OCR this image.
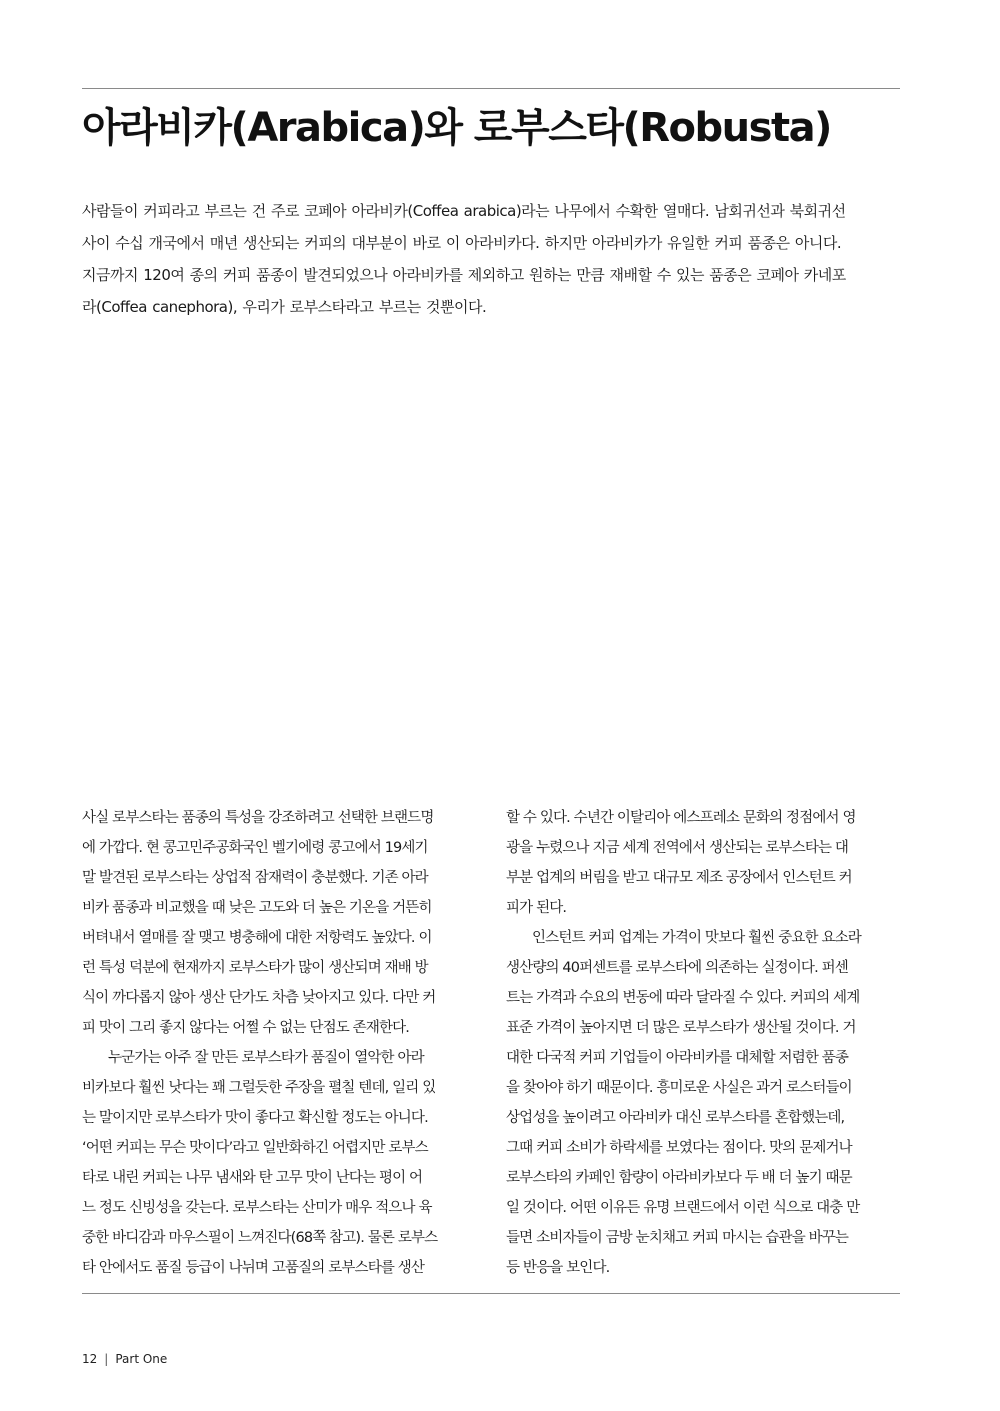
아라비카(Arabica)와 로부스타(Robusta)
사람들이 커피라고 부르는 건 주로 코페아 아라비카(Coffea arabica)라는 나무에서 수확한 열매다. 남회귀선과 북회귀선
사이 수십 개국에서 매년 생산되는 커피의 대부분이 바로 이 아라비카다. 하지만 아라비카가 유일한 커피 품종은 아니다.
지금까지 120여 종의 커피 품종이 발견되었으나 아라비카를 제외하고 원하는 만큼 재배할 수 있는 품종은 코페아 카네포
라(Coffea canephora), 우리가 로부스타라고 부르는 것뿐이다.
사실 로부스타는 품종의 특성을 강조하려고 선택한 브랜드명
에 가깝다. 현 콩고민주공화국인 벨기에령 콩고에서 19세기
말 발견된 로부스타는 상업적 잠재력이 충분했다. 기존 아라
비카 품종과 비교했을 때 낮은 고도와 더 높은 기온을 거뜬히
버텨내서 열매를 잘 맺고 병충해에 대한 저항력도 높았다. 이
런 특성 덕분에 현재까지 로부스타가 많이 생산되며 재배 방
식이 까다롭지 않아 생산 단가도 차츰 낮아지고 있다. 다만 커
피 맛이 그리 좋지 않다는 어쩔 수 없는 단점도 존재한다.
누군가는 아주 잘 만든 로부스타가 품질이 열악한 아라
비카보다 훨씬 낫다는 꽤 그럴듯한 주장을 펼칠 텐데, 일리 있
는 말이지만 로부스타가 맛이 좋다고 확신할 정도는 아니다.
‘어떤 커피는 무슨 맛이다’라고 일반화하긴 어렵지만 로부스
타로 내린 커피는 나무 냄새와 탄 고무 맛이 난다는 평이 어
느 정도 신빙성을 갖는다. 로부스타는 산미가 매우 적으나 육
중한 바디감과 마우스필이 느껴진다(68쪽 참고). 물론 로부스
타 안에서도 품질 등급이 나뉘며 고품질의 로부스타를 생산
할 수 있다. 수년간 이탈리아 에스프레소 문화의 정점에서 영
광을 누렸으나 지금 세계 전역에서 생산되는 로부스타는 대
부분 업계의 버림을 받고 대규모 제조 공장에서 인스턴트 커
피가 된다.
인스턴트 커피 업계는 가격이 맛보다 훨씬 중요한 요소라
생산량의 40퍼센트를 로부스타에 의존하는 실정이다. 퍼센
트는 가격과 수요의 변동에 따라 달라질 수 있다. 커피의 세계
표준 가격이 높아지면 더 많은 로부스타가 생산될 것이다. 거
대한 다국적 커피 기업들이 아라비카를 대체할 저렴한 품종
을 찾아야 하기 때문이다. 흥미로운 사실은 과거 로스터들이
상업성을 높이려고 아라비카 대신 로부스타를 혼합했는데,
그때 커피 소비가 하락세를 보였다는 점이다. 맛의 문제거나
로부스타의 카페인 함량이 아라비카보다 두 배 더 높기 때문
일 것이다. 어떤 이유든 유명 브랜드에서 이런 식으로 대충 만
들면 소비자들이 금방 눈치채고 커피 마시는 습관을 바꾸는
등 반응을 보인다.
12 | Part One
